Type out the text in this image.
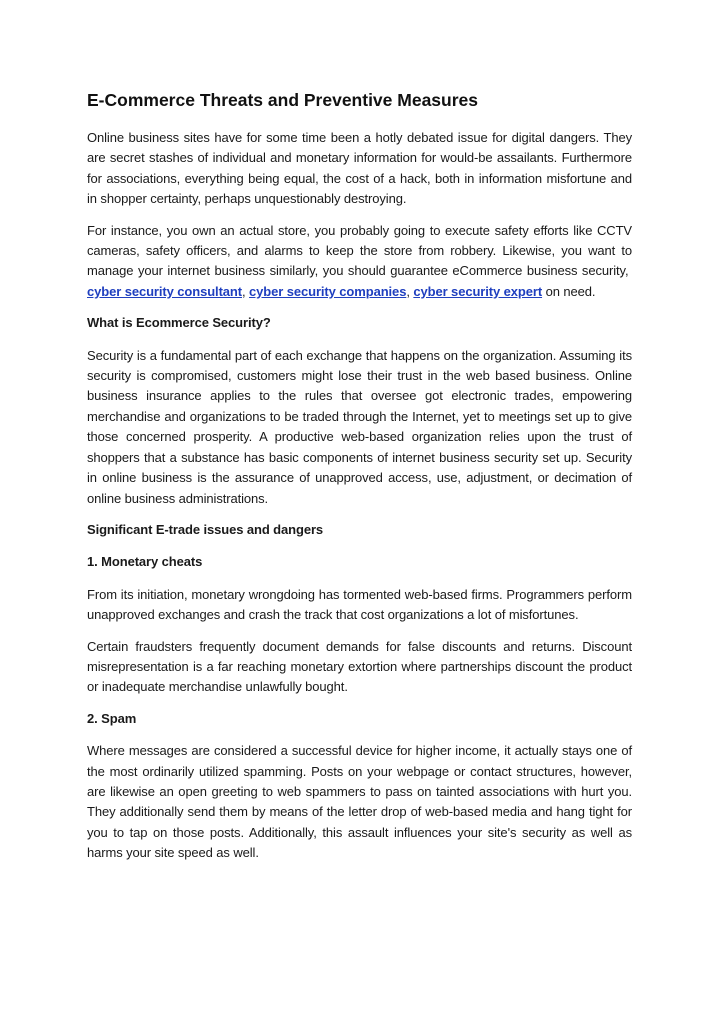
E-Commerce Threats and Preventive Measures

Online business sites have for some time been a hotly debated issue for digital dangers. They are secret stashes of individual and monetary information for would-be assailants. Furthermore for associations, everything being equal, the cost of a hack, both in information misfortune and in shopper certainty, perhaps unquestionably destroying.

For instance, you own an actual store, you probably going to execute safety efforts like CCTV cameras, safety officers, and alarms to keep the store from robbery. Likewise, you want to manage your internet business similarly, you should guarantee eCommerce business security,  cyber security consultant, cyber security companies, cyber security expert on need.

What is Ecommerce Security?

Security is a fundamental part of each exchange that happens on the organization. Assuming its security is compromised, customers might lose their trust in the web based business. Online business insurance applies to the rules that oversee got electronic trades, empowering merchandise and organizations to be traded through the Internet, yet to meetings set up to give those concerned prosperity. A productive web-based organization relies upon the trust of shoppers that a substance has basic components of internet business security set up. Security in online business is the assurance of unapproved access, use, adjustment, or decimation of online business administrations.

Significant E-trade issues and dangers

1. Monetary cheats

From its initiation, monetary wrongdoing has tormented web-based firms. Programmers perform unapproved exchanges and crash the track that cost organizations a lot of misfortunes.

Certain fraudsters frequently document demands for false discounts and returns. Discount misrepresentation is a far reaching monetary extortion where partnerships discount the product or inadequate merchandise unlawfully bought.

2. Spam

Where messages are considered a successful device for higher income, it actually stays one of the most ordinarily utilized spamming. Posts on your webpage or contact structures, however, are likewise an open greeting to web spammers to pass on tainted associations with hurt you. They additionally send them by means of the letter drop of web-based media and hang tight for you to tap on those posts. Additionally, this assault influences your site's security as well as harms your site speed as well.
